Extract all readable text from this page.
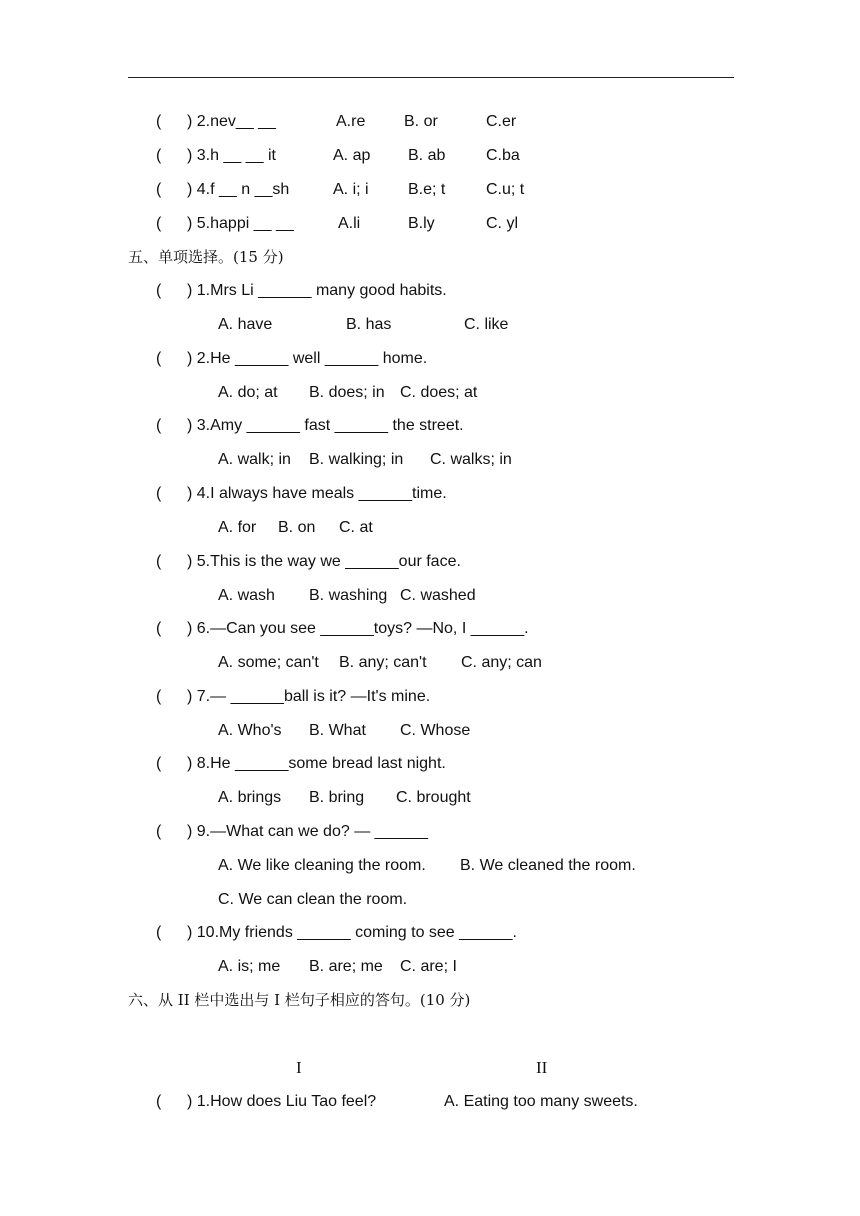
( ) 2.nev__ __	A.re B. or	C.er
( ) 3.h __ __ it	A. ap B. ab	C.ba
( ) 4.f __ n __sh	A. i; i B.e; t	C.u; t
( ) 5.happi __ __	A.li	B.ly	C. yl
五、单项选择。(15 分)
( ) 1.Mrs Li ______ many good habits.
A. have	B. has	C. like
( ) 2.He ______ well ______ home.
A. do; at B. does; in C. does; at
( ) 3.Amy ______ fast ______ the street.
A. walk; in B. walking; in C. walks; in
( ) 4.I always have meals ______time.
A. for B. on C. at
( ) 5.This is the way we ______our face.
A. wash B. washing C. washed
( ) 6.—Can you see ______toys? —No, I ______.
A. some; can't B. any; can't C. any; can
( ) 7.— ______ball is it? —It's mine.
A. Who's B. What C. Whose
( ) 8.He ______some bread last night.
A. brings B. bring C. brought
( ) 9.—What can we do? — ______
A. We like cleaning the room. B. We cleaned the room.
C. We can clean the room.
( ) 10.My friends ______ coming to see ______.
A. is; me B. are; me C. are; I
六、从 II 栏中选出与 I 栏句子相应的答句。(10 分)
I	II
( ) 1.How does Liu Tao feel?	A. Eating too many sweets.
